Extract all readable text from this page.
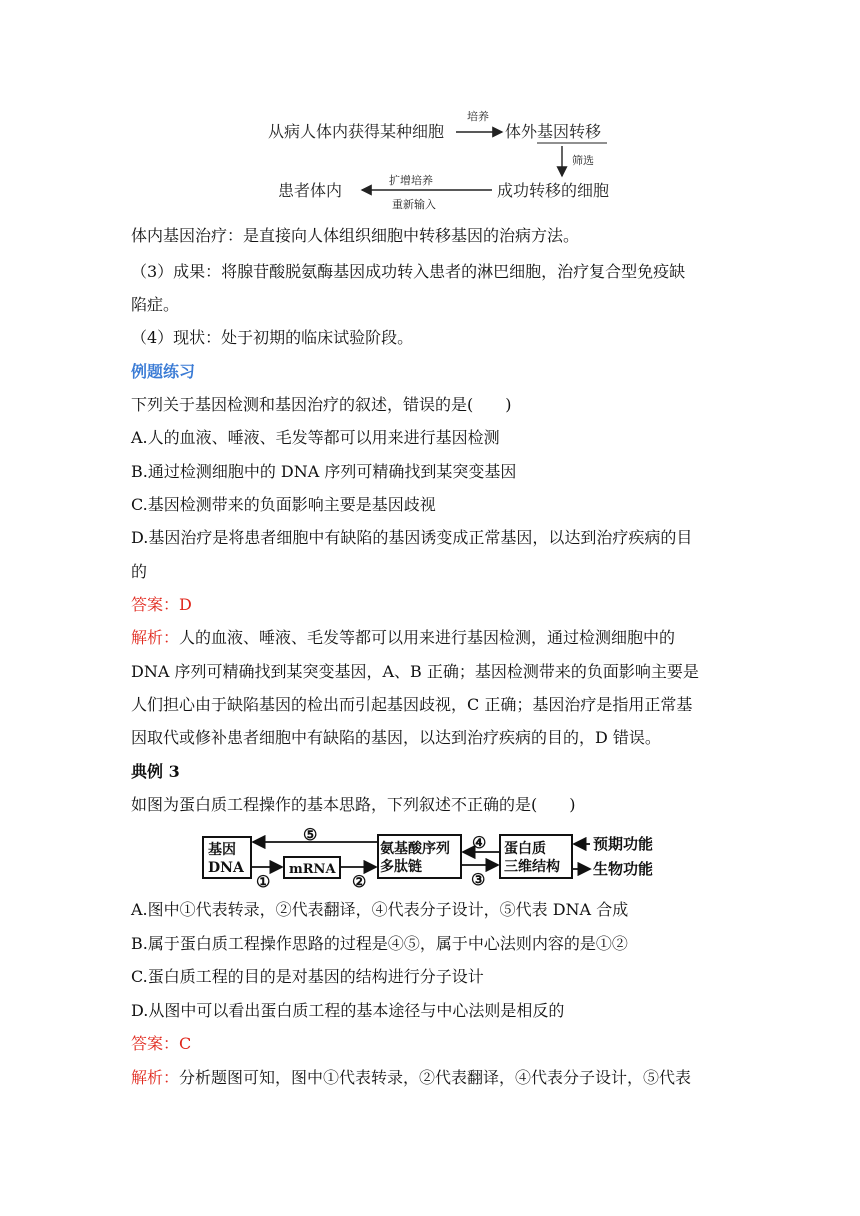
从病人体内获得某种细胞
培养
体外基因转移
筛选
成功转移的细胞
扩增培养
重新输入
患者体内
体内基因治疗：是直接向人体组织细胞中转移基因的治病方法。
（3）成果：将腺苷酸脱氨酶基因成功转入患者的淋巴细胞，治疗复合型免疫缺
陷症。
（4）现状：处于初期的临床试验阶段。
例题练习
下列关于基因检测和基因治疗的叙述，错误的是(　　)
A.人的血液、唾液、毛发等都可以用来进行基因检测
B.通过检测细胞中的 DNA 序列可精确找到某突变基因
C.基因检测带来的负面影响主要是基因歧视
D.基因治疗是将患者细胞中有缺陷的基因诱变成正常基因，以达到治疗疾病的目
的
答案：D
解析：人的血液、唾液、毛发等都可以用来进行基因检测，通过检测细胞中的
DNA 序列可精确找到某突变基因，A、B 正确；基因检测带来的负面影响主要是
人们担心由于缺陷基因的检出而引起基因歧视，C 正确；基因治疗是指用正常基
因取代或修补患者细胞中有缺陷的基因，以达到治疗疾病的目的，D 错误。
典例 3
如图为蛋白质工程操作的基本思路，下列叙述不正确的是(　　)
基因
DNA	mRNA
氨基酸序列
多肽链
蛋白质
三维结构
⑤
①	②
④
③
预期功能
生物功能
A.图中①代表转录，②代表翻译，④代表分子设计，⑤代表 DNA 合成
B.属于蛋白质工程操作思路的过程是④⑤，属于中心法则内容的是①②
C.蛋白质工程的目的是对基因的结构进行分子设计
D.从图中可以看出蛋白质工程的基本途径与中心法则是相反的
答案：C
解析：分析题图可知，图中①代表转录，②代表翻译，④代表分子设计，⑤代表
